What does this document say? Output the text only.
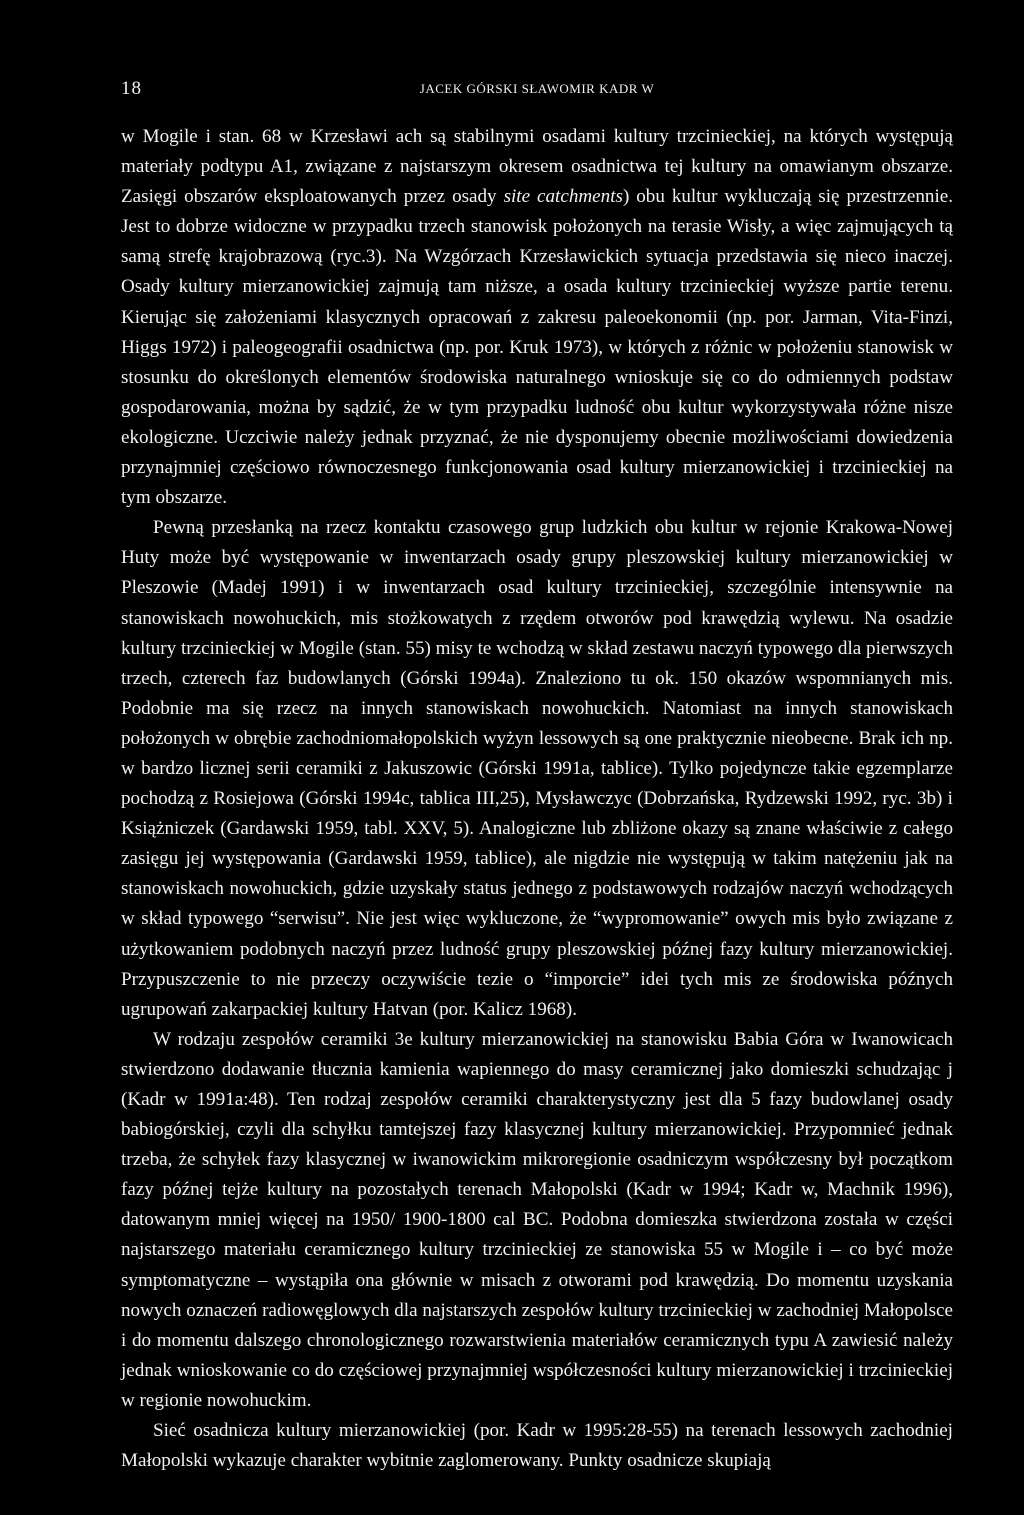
18	JACEK GÓRSKI SŁAWOMIR KADR W

w Mogile i stan. 68 w Krzesławi ach są stabilnymi osadami kultury trzcinieckiej, na których występują materiały podtypu A1, związane z najstarszym okresem osadnictwa tej kultury na omawianym obszarze. Zasięgi obszarów eksploatowanych przez osady site catchments) obu kultur wykluczają się przestrzennie. Jest to dobrze widoczne w przypadku trzech stanowisk położonych na terasie Wisły, a więc zajmujących tą samą strefę krajobrazową (ryc.3). Na Wzgórzach Krzesławickich sytuacja przedstawia się nieco inaczej. Osady kultury mierzanowickiej zajmują tam niższe, a osada kultury trzcinieckiej wyższe partie terenu. Kierując się założeniami klasycznych opracowań z zakresu paleoekonomii (np. por. Jarman, Vita-Finzi, Higgs 1972) i paleogeografii osadnictwa (np. por. Kruk 1973), w których z różnic w położeniu stanowisk w stosunku do określonych elementów środowiska naturalnego wnioskuje się co do odmiennych podstaw gospodarowania, można by sądzić, że w tym przypadku ludność obu kultur wykorzystywała różne nisze ekologiczne. Uczciwie należy jednak przyznać, że nie dysponujemy obecnie możliwościami dowiedzenia przynajmniej częściowo równoczesnego funkcjonowania osad kultury mierzanowickiej i trzcinieckiej na tym obszarze.

Pewną przesłanką na rzecz kontaktu czasowego grup ludzkich obu kultur w rejonie Krakowa-Nowej Huty może być występowanie w inwentarzach osady grupy pleszowskiej kultury mierzanowickiej w Pleszowie (Madej 1991) i w inwentarzach osad kultury trzcinieckiej, szczególnie intensywnie na stanowiskach nowohuckich, mis stożkowatych z rzędem otworów pod krawędzią wylewu. Na osadzie kultury trzcinieckiej w Mogile (stan. 55) misy te wchodzą w skład zestawu naczyń typowego dla pierwszych trzech, czterech faz budowlanych (Górski 1994a). Znaleziono tu ok. 150 okazów wspomnianych mis. Podobnie ma się rzecz na innych stanowiskach nowohuckich. Natomiast na innych stanowiskach położonych w obrębie zachodniomałopolskich wyżyn lessowych są one praktycznie nieobecne. Brak ich np. w bardzo licznej serii ceramiki z Jakuszowic (Górski 1991a, tablice). Tylko pojedyncze takie egzemplarze pochodzą z Rosiejowa (Górski 1994c, tablica III,25), Mysławczyc (Dobrzańska, Rydzewski 1992, ryc. 3b) i Książniczek (Gardawski 1959, tabl. XXV, 5). Analogiczne lub zbliżone okazy są znane właściwie z całego zasięgu jej występowania (Gardawski 1959, tablice), ale nigdzie nie występują w takim natężeniu jak na stanowiskach nowohuckich, gdzie uzyskały status jednego z podstawowych rodzajów naczyń wchodzących w skład typowego “serwisu”. Nie jest więc wykluczone, że “wypromowanie” owych mis było związane z użytkowaniem podobnych naczyń przez ludność grupy pleszowskiej późnej fazy kultury mierzanowickiej. Przypuszczenie to nie przeczy oczywiście tezie o “imporcie” idei tych mis ze środowiska późnych ugrupowań zakarpackiej kultury Hatvan (por. Kalicz 1968).

W rodzaju zespołów ceramiki 3e kultury mierzanowickiej na stanowisku Babia Góra w Iwanowicach stwierdzono dodawanie tłucznia kamienia wapiennego do masy ceramicznej jako domieszki schudzając j (Kadr w 1991a:48). Ten rodzaj zespołów ceramiki charakterystyczny jest dla 5 fazy budowlanej osady babiogórskiej, czyli dla schyłku tamtejszej fazy klasycznej kultury mierzanowickiej. Przypomnieć jednak trzeba, że schyłek fazy klasycznej w iwanowickim mikroregionie osadniczym współczesny był początkom fazy późnej tejże kultury na pozostałych terenach Małopolski (Kadr w 1994; Kadr w, Machnik 1996), datowanym mniej więcej na 1950/ 1900-1800 cal BC. Podobna domieszka stwierdzona została w części najstarszego materiału ceramicznego kultury trzcinieckiej ze stanowiska 55 w Mogile i – co być może symptomatyczne – wystąpiła ona głównie w misach z otworami pod krawędzią. Do momentu uzyskania nowych oznaczeń radiowęglowych dla najstarszych zespołów kultury trzcinieckiej w zachodniej Małopolsce i do momentu dalszego chronologicznego rozwarstwienia materiałów ceramicznych typu A zawiesić należy jednak wnioskowanie co do częściowej przynajmniej współczesności kultury mierzanowickiej i trzcinieckiej w regionie nowohuckim.

Sieć osadnicza kultury mierzanowickiej (por. Kadr w 1995:28-55) na terenach lessowych zachodniej Małopolski wykazuje charakter wybitnie zaglomerowany. Punkty osadnicze skupiają
